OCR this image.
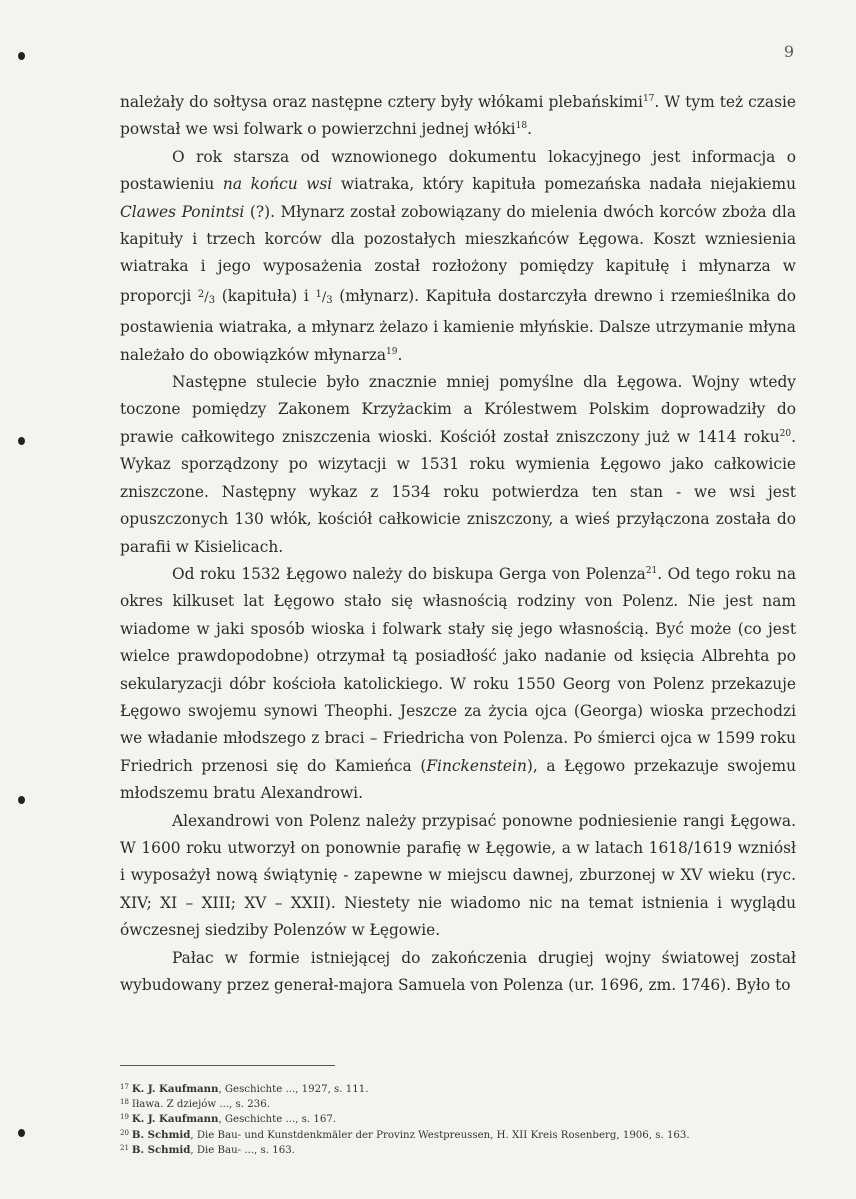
9

należały do sołtysa oraz następne cztery były włókami plebańskimi$^{17}$. W tym też czasie powstał we wsi folwark o powierzchni jednej włóki$^{18}$.

O rok starsza od wznowionego dokumentu lokacyjnego jest informacja o postawieniu na końcu wsi wiatraka, który kapituła pomezańska nadała niejakiemu Clawes Ponintsi (?). Młynarz został zobowiązany do mielenia dwóch korców zboża dla kapituły i trzech korców dla pozostałych mieszkańców Łęgowa. Koszt wzniesienia wiatraka i jego wyposażenia został rozłożony pomiędzy kapitułę i młynarza w proporcji 2/3 (kapituła) i 1/3 (młynarz). Kapituła dostarczyła drewno i rzemieślnika do postawienia wiatraka, a młynarz żelazo i kamienie młyńskie. Dalsze utrzymanie młyna należało do obowiązków młynarza$^{19}$.

Następne stulecie było znacznie mniej pomyślne dla Łęgowa. Wojny wtedy toczone pomiędzy Zakonem Krzyżackim a Królestwem Polskim doprowadziły do prawie całkowitego zniszczenia wioski. Kościół został zniszczony już w 1414 roku$^{20}$. Wykaz sporządzony po wizytacji w 1531 roku wymienia Łęgowo jako całkowicie zniszczone. Następny wykaz z 1534 roku potwierdza ten stan - we wsi jest opuszczonych 130 włók, kościół całkowicie zniszczony, a wieś przyłączona została do parafii w Kisielicach.

Od roku 1532 Łęgowo należy do biskupa Gerga von Polenza$^{21}$. Od tego roku na okres kilkuset lat Łęgowo stało się własnością rodziny von Polenz. Nie jest nam wiadome w jaki sposób wioska i folwark stały się jego własnością. Być może (co jest wielce prawdopodobne) otrzymał tą posiadłość jako nadanie od księcia Albrehta po sekularyzacji dóbr kościoła katolickiego. W roku 1550 Georg von Polenz przekazuje Łęgowo swojemu synowi Theophi. Jeszcze za życia ojca (Georga) wioska przechodzi we władanie młodszego z braci – Friedricha von Polenza. Po śmierci ojca w 1599 roku Friedrich przenosi się do Kamieńca (Finckenstein), a Łęgowo przekazuje swojemu młodszemu bratu Alexandrowi.

Alexandrowi von Polenz należy przypisać ponowne podniesienie rangi Łęgowa. W 1600 roku utworzył on ponownie parafię w Łęgowie, a w latach 1618/1619 wzniósł i wyposażył nową świątynię - zapewne w miejscu dawnej, zburzonej w XV wieku (ryc. XIV; XI – XIII; XV – XXII). Niestety nie wiadomo nic na temat istnienia i wyglądu ówczesnej siedziby Polenzów w Łęgowie.

Pałac w formie istniejącej do zakończenia drugiej wojny światowej został wybudowany przez generał-majora Samuela von Polenza (ur. 1696, zm. 1746). Było to

$^{17}$ K. J. Kaufmann, Geschichte ..., 1927, s. 111.
$^{18}$ Iława. Z dziejów ..., s. 236.
$^{19}$ K. J. Kaufmann, Geschichte ..., s. 167.
$^{20}$ B. Schmid, Die Bau- und Kunstdenkmäler der Provinz Westpreussen, H. XII Kreis Rosenberg, 1906, s. 163.
$^{21}$ B. Schmid, Die Bau- ..., s. 163.
